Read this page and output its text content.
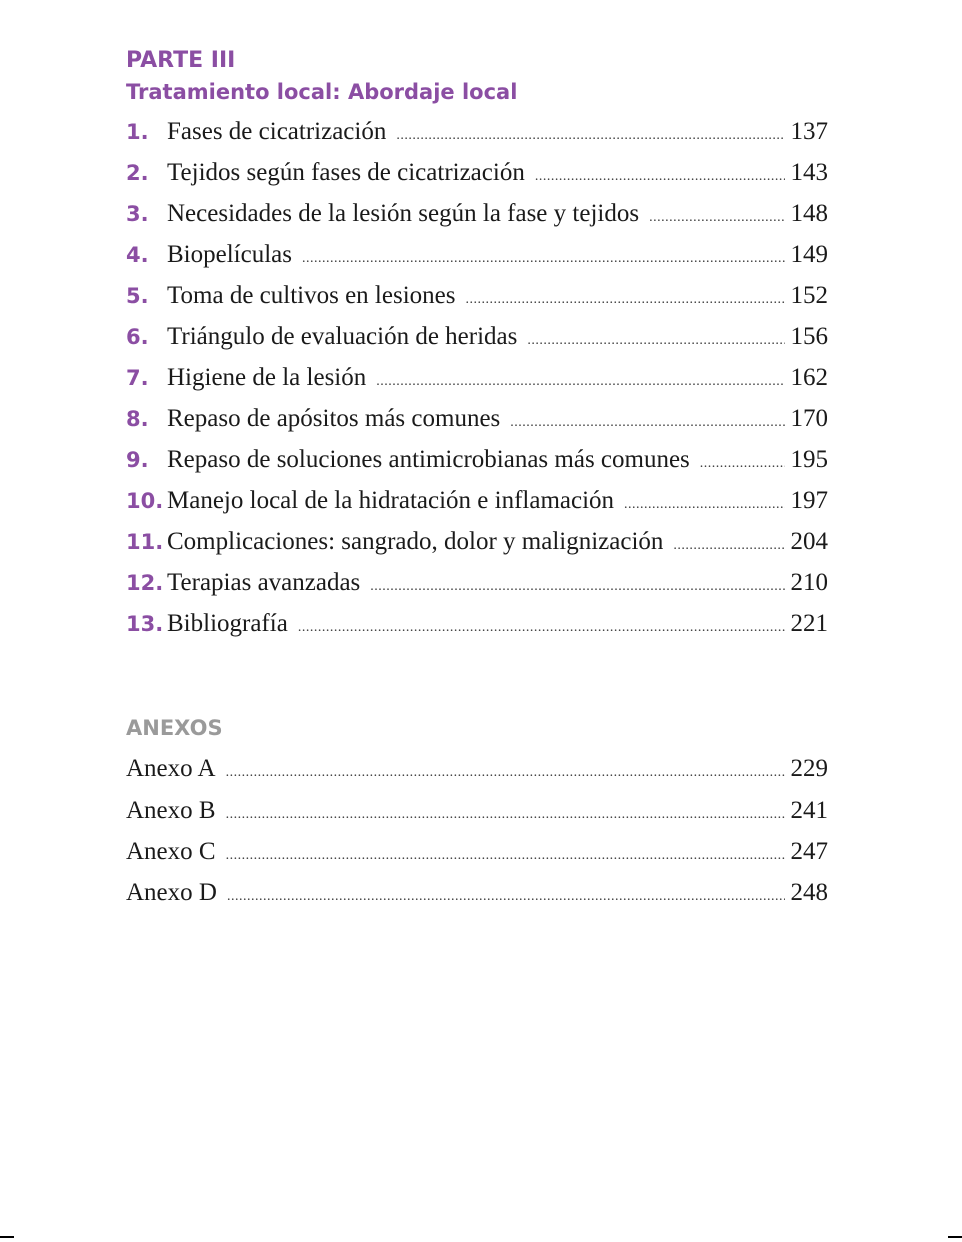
PARTE III
Tratamiento local: Abordaje local
1. Fases de cicatrización .....	137
2. Tejidos según fases de cicatrización .....	143
3. Necesidades de la lesión según la fase y tejidos .....	148
4. Biopelículas .....	149
5. Toma de cultivos en lesiones .....	152
6. Triángulo de evaluación de heridas .....	156
7. Higiene de la lesión .....	162
8. Repaso de apósitos más comunes .....	170
9. Repaso de soluciones antimicrobianas más comunes .....	195
10. Manejo local de la hidratación e inflamación .....	197
11. Complicaciones: sangrado, dolor y malignización .....	204
12. Terapias avanzadas .....	210
13. Bibliografía .....	221
ANEXOS
Anexo A .....	229
Anexo B .....	241
Anexo C .....	247
Anexo D .....	248
